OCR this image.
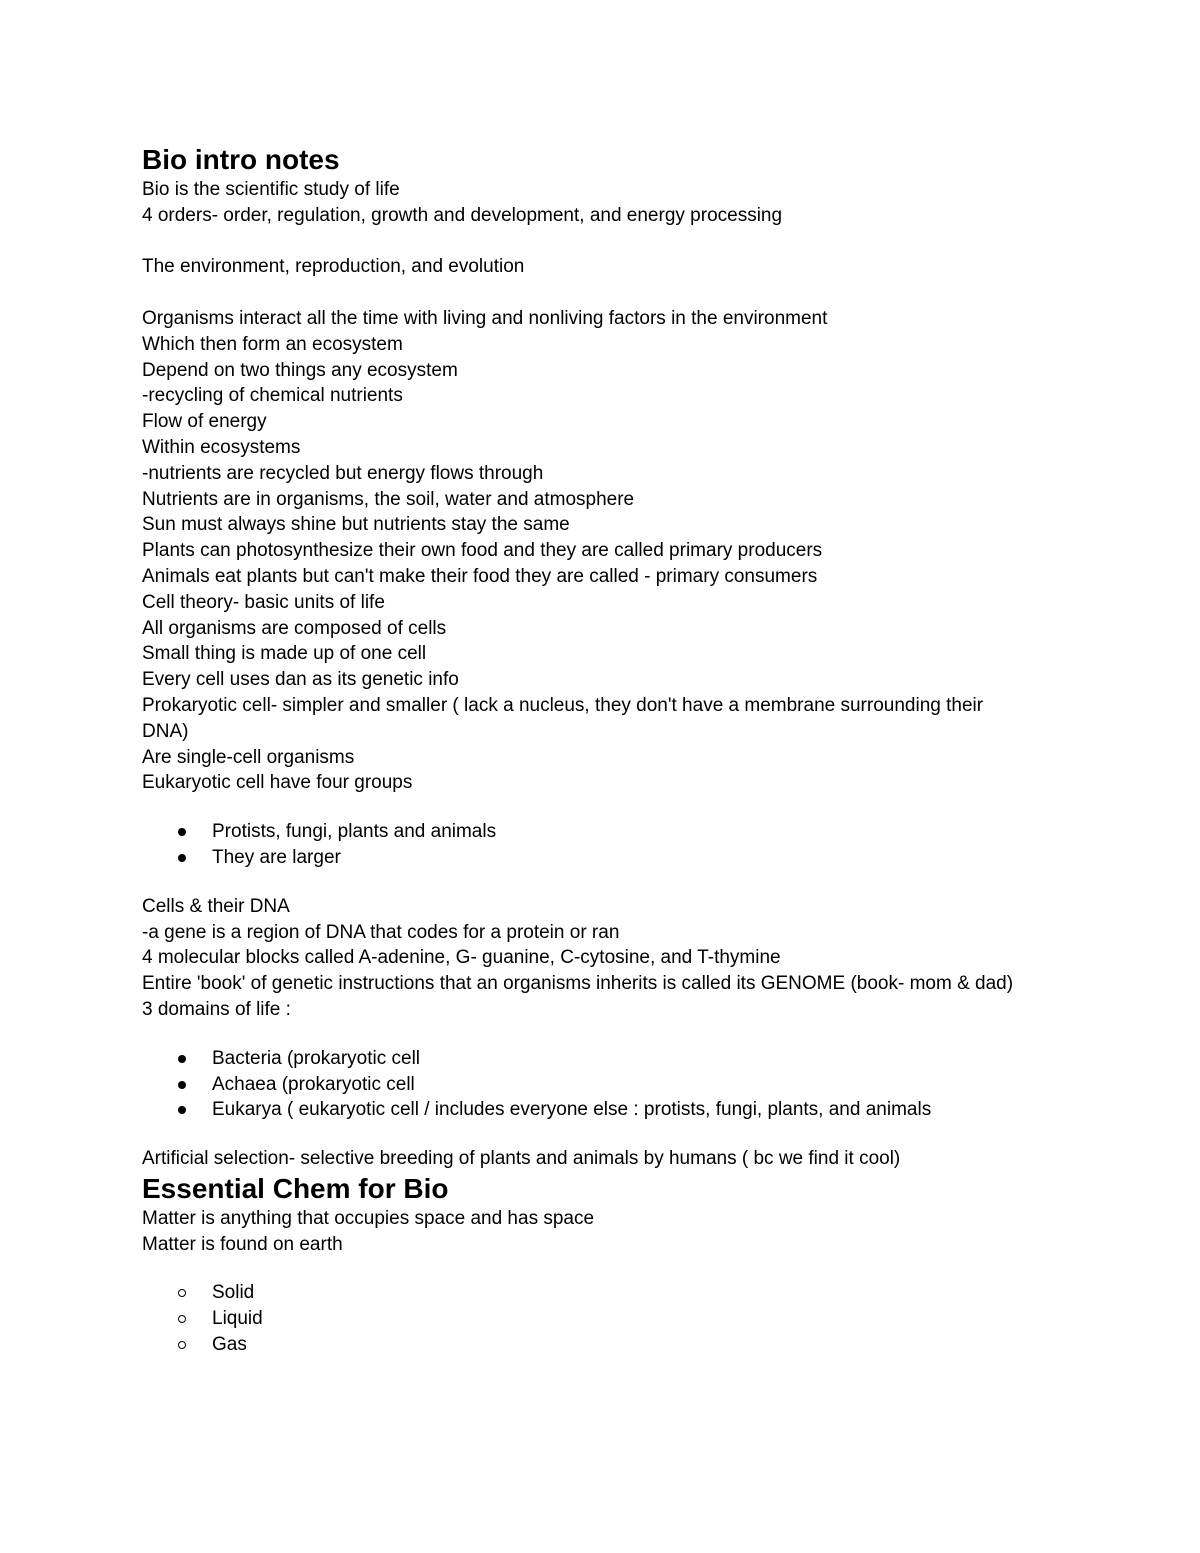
Bio intro notes

Bio is the scientific study of life

4 orders- order, regulation, growth and development, and energy processing

The environment, reproduction, and evolution

Organisms interact all the time with living and nonliving factors in the environment

Which then form an ecosystem

Depend on two things any ecosystem

-recycling of chemical nutrients

Flow of energy

Within ecosystems

-nutrients are recycled but energy flows through

Nutrients are in organisms, the soil, water and atmosphere

Sun must always shine but nutrients stay the same

Plants can photosynthesize their own food and they are called primary producers

Animals eat plants but can't make their food they are called - primary consumers

Cell theory- basic units of life

All organisms are composed of cells

Small thing is made up of one cell

Every cell uses dan as its genetic info

Prokaryotic cell- simpler and smaller ( lack a nucleus, they don't have a membrane surrounding their DNA)

Are single-cell organisms

Eukaryotic cell have four groups

Protists, fungi, plants and animals
They are larger

Cells & their DNA

-a gene is a region of DNA that codes for a protein or ran

4 molecular blocks called A-adenine, G- guanine, C-cytosine, and T-thymine

Entire 'book' of genetic instructions that an organisms inherits is called its GENOME (book- mom & dad)

3 domains of life :

Bacteria (prokaryotic cell
Achaea (prokaryotic cell
Eukarya ( eukaryotic cell / includes everyone else : protists, fungi, plants, and animals

Artificial selection- selective breeding of plants and animals by humans ( bc we find it cool)

Essential Chem for Bio

Matter is anything that occupies space and has space

Matter is found on earth

Solid
Liquid
Gas
